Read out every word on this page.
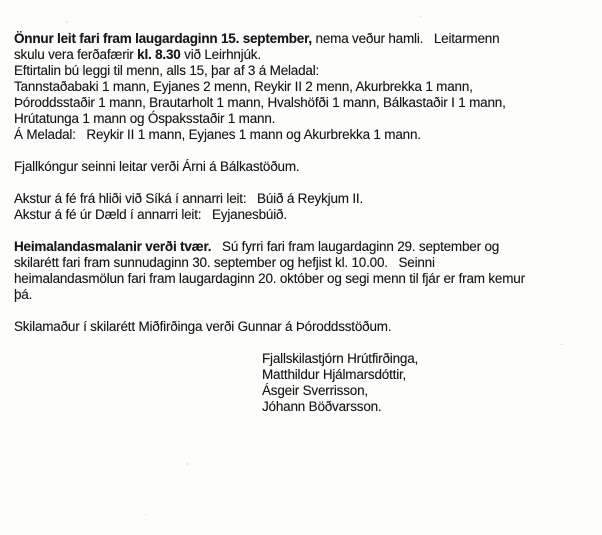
Önnur leit fari fram laugardaginn 15. september, nema veður hamli.   Leitarmenn
skulu vera ferðafærir kl. 8.30 við Leirhnjúk.
Eftirtalin bú leggi til menn, alls 15, þar af 3 á Meladal:
Tannstaðabaki 1 mann, Eyjanes 2 menn, Reykir II 2 menn, Akurbrekka 1 mann,
Þóroddsstaðir 1 mann, Brautarholt 1 mann, Hvalshöfði 1 mann, Bálkastaðir I 1 mann,
Hrútatunga 1 mann og Óspaksstaðir 1 mann.
Á Meladal:   Reykir II 1 mann, Eyjanes 1 mann og Akurbrekka 1 mann.
Fjallkóngur seinni leitar verði Árni á Bálkastöðum.
Akstur á fé frá hliði við Síká í annarri leit:   Búið á Reykjum II.
Akstur á fé úr Dæld í annarri leit:   Eyjanesbúið.
Heimalandasmalanir verði tvær.   Sú fyrri fari fram laugardaginn 29. september og
skilarétt fari fram sunnudaginn 30. september og hefjist kl. 10.00.   Seinni
heimalandasmölun fari fram laugardaginn 20. október og segi menn til fjár er fram kemur
þá.
Skilamaður í skilarétt Miðfirðinga verði Gunnar á Þóroddsstöðum.
Fjallskilastjórn Hrútfirðinga,
Matthildur Hjálmarsdóttir,
Ásgeir Sverrisson,
Jóhann Böðvarsson.
